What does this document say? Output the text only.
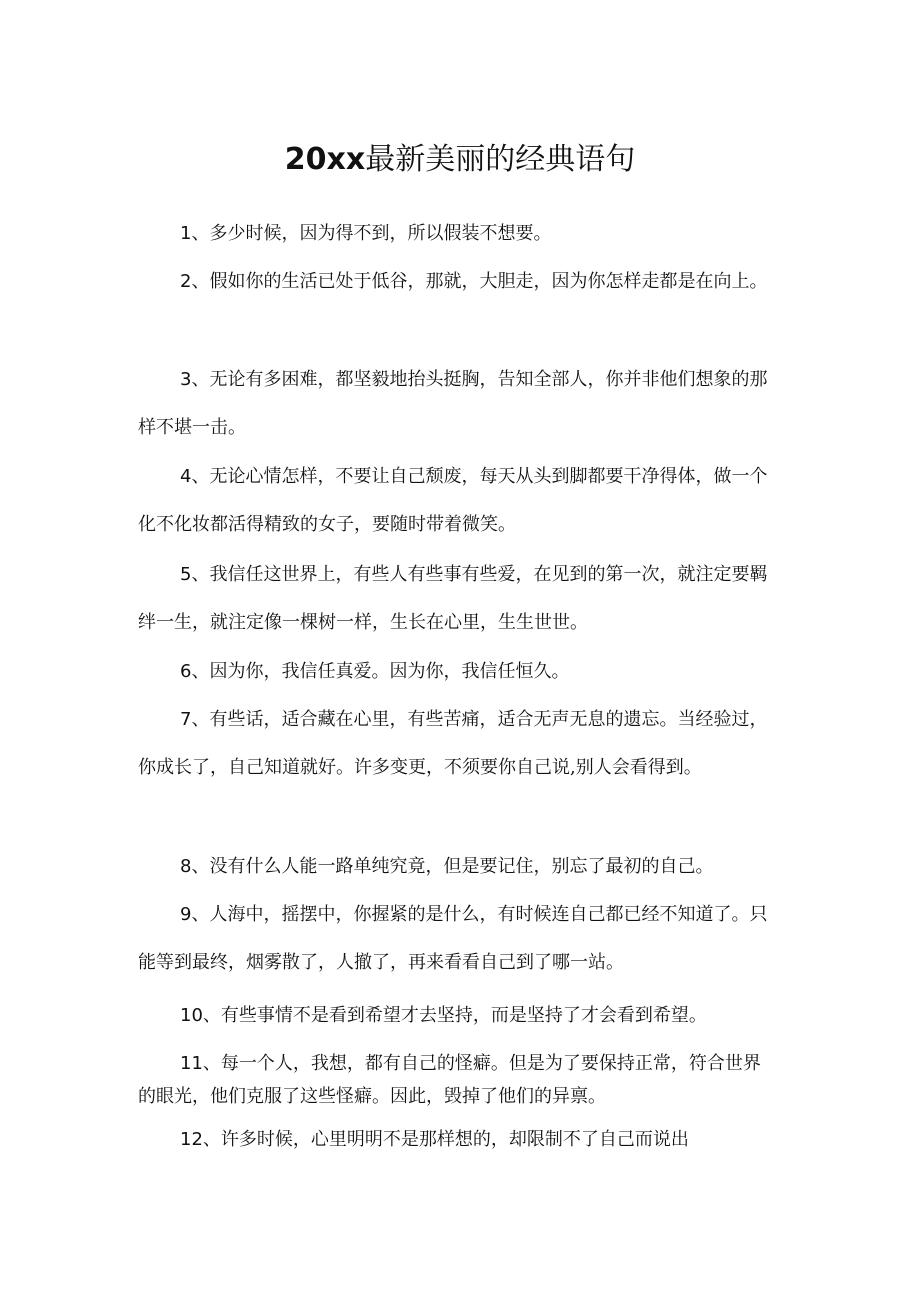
20xx最新美丽的经典语句

1、多少时候，因为得不到，所以假装不想要。

2、假如你的生活已处于低谷，那就，大胆走，因为你怎样走都是在向上。

3、无论有多困难，都坚毅地抬头挺胸，告知全部人，你并非他们想象的那样不堪一击。

4、无论心情怎样，不要让自己颓废，每天从头到脚都要干净得体，做一个化不化妆都活得精致的女子，要随时带着微笑。

5、我信任这世界上，有些人有些事有些爱，在见到的第一次，就注定要羁绊一生，就注定像一棵树一样，生长在心里，生生世世。

6、因为你，我信任真爱。因为你，我信任恒久。

7、有些话，适合藏在心里，有些苦痛，适合无声无息的遗忘。当经验过，你成长了，自己知道就好。许多变更，不须要你自己说,别人会看得到。

8、没有什么人能一路单纯究竟，但是要记住，别忘了最初的自己。

9、人海中，摇摆中，你握紧的是什么，有时候连自己都已经不知道了。只能等到最终，烟雾散了，人撤了，再来看看自己到了哪一站。

10、有些事情不是看到希望才去坚持，而是坚持了才会看到希望。

11、每一个人，我想，都有自己的怪癖。但是为了要保持正常，符合世界的眼光，他们克服了这些怪癖。因此，毁掉了他们的异禀。

12、许多时候，心里明明不是那样想的，却限制不了自己而说出
